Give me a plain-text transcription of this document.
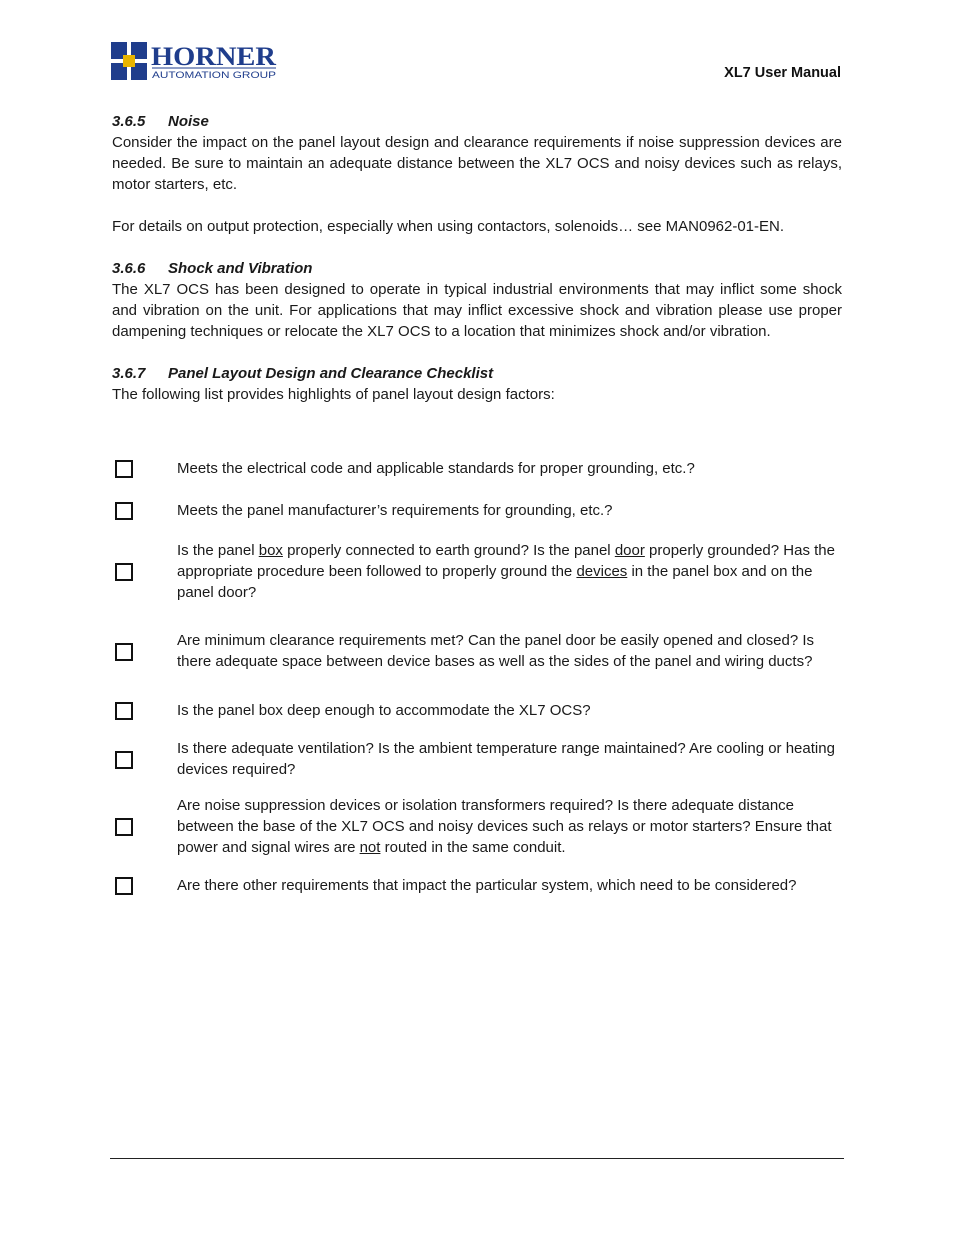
HORNER
AUTOMATION GROUP	XL7 User Manual
3.6.5 Noise

Consider the impact on the panel layout design and clearance requirements if noise suppression devices are needed. Be sure to maintain an adequate distance between the XL7 OCS and noisy devices such as relays, motor starters, etc.

For details on output protection, especially when using contactors, solenoids… see MAN0962-01-EN.

3.6.6 Shock and Vibration

The XL7 OCS has been designed to operate in typical industrial environments that may inflict some shock and vibration on the unit. For applications that may inflict excessive shock and vibration please use proper dampening techniques or relocate the XL7 OCS to a location that minimizes shock and/or vibration.

3.6.7 Panel Layout Design and Clearance Checklist

The following list provides highlights of panel layout design factors:

Meets the electrical code and applicable standards for proper grounding, etc.?
Meets the panel manufacturer’s requirements for grounding, etc.?
Is the panel box properly connected to earth ground? Is the panel door properly grounded? Has the appropriate procedure been followed to properly ground the devices in the panel box and on the panel door?
Are minimum clearance requirements met? Can the panel door be easily opened and closed? Is there adequate space between device bases as well as the sides of the panel and wiring ducts?
Is the panel box deep enough to accommodate the XL7 OCS?
Is there adequate ventilation? Is the ambient temperature range maintained? Are cooling or heating devices required?
Are noise suppression devices or isolation transformers required? Is there adequate distance between the base of the XL7 OCS and noisy devices such as relays or motor starters? Ensure that power and signal wires are not routed in the same conduit.
Are there other requirements that impact the particular system, which need to be considered?
